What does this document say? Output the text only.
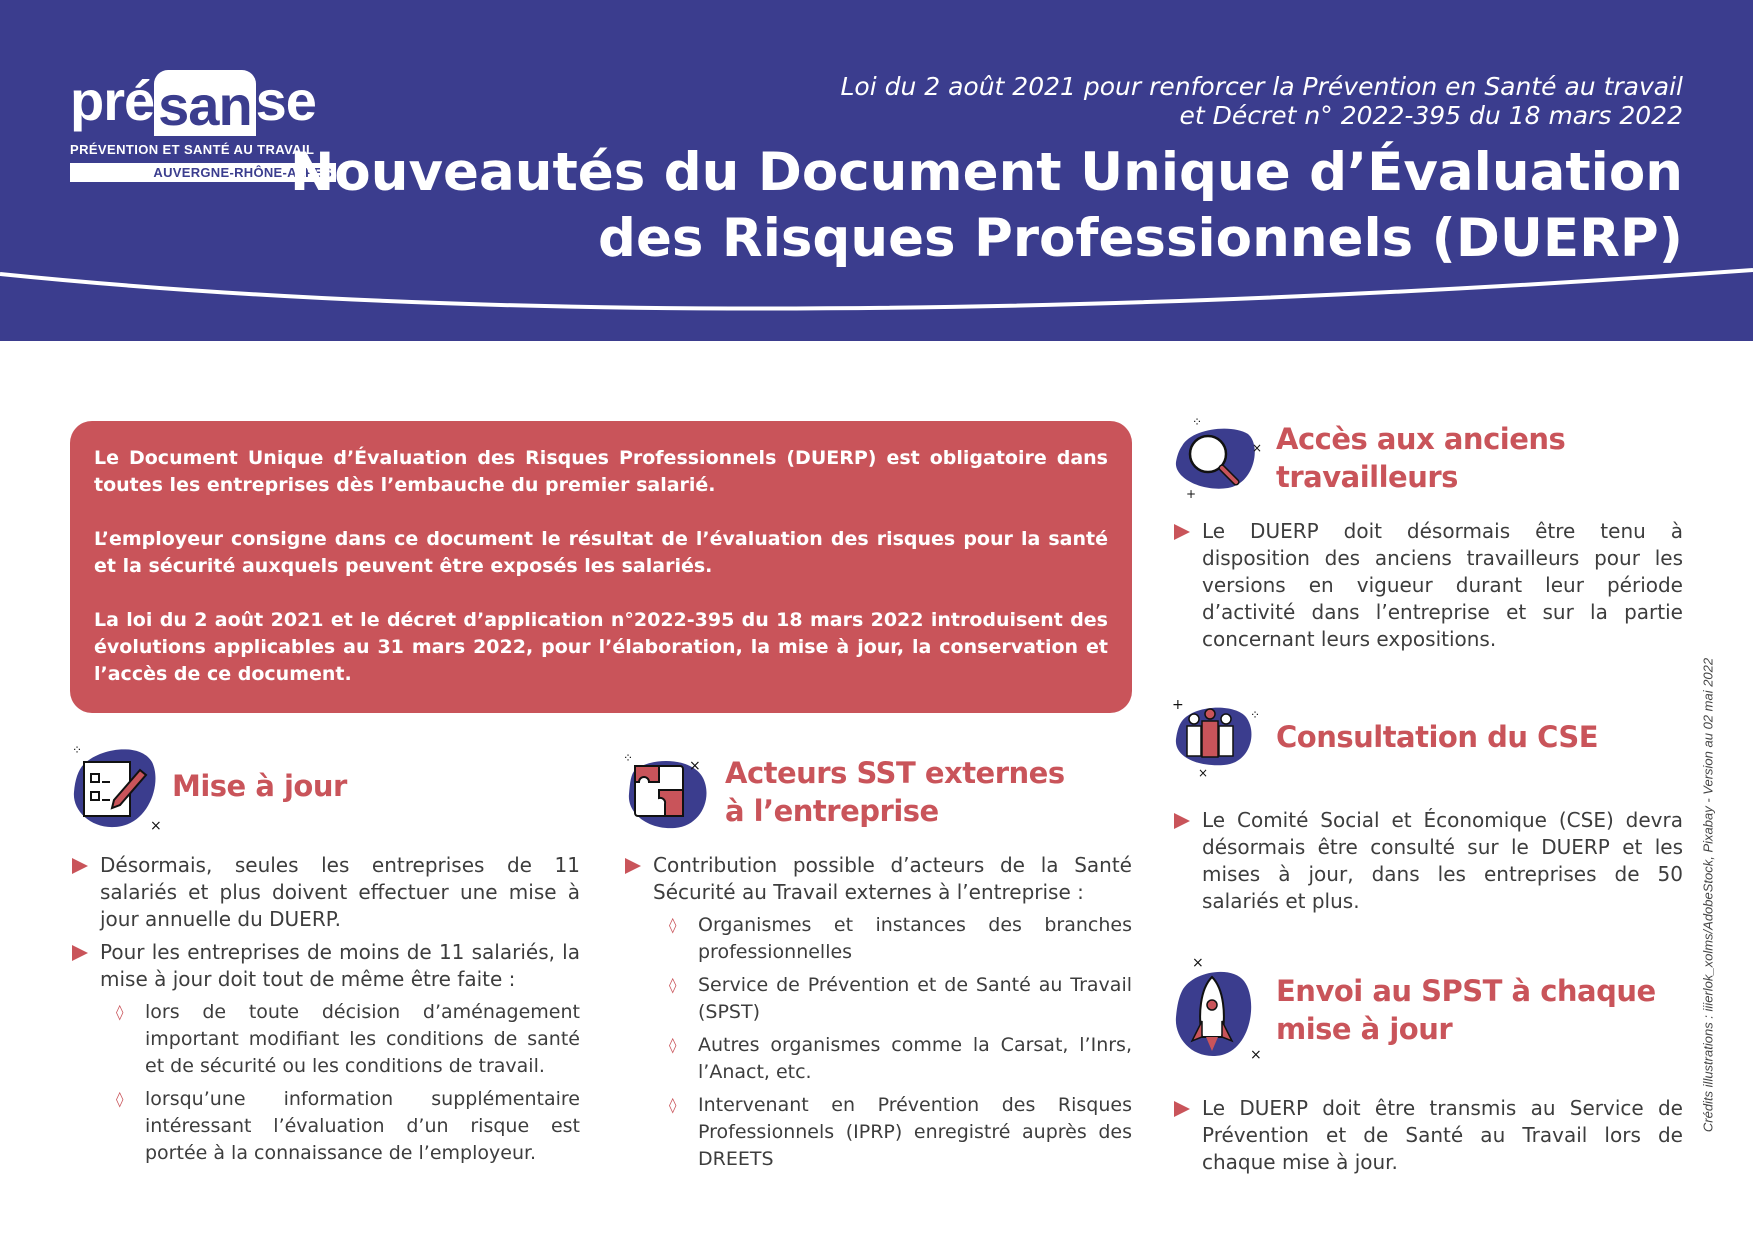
pré san se
PRÉVENTION ET SANTÉ AU TRAVAIL
AUVERGNE-RHÔNE-ALPES
Loi du 2 août 2021 pour renforcer la Prévention en Santé au travail
et Décret n° 2022-395 du 18 mars 2022
Nouveautés du Document Unique d’Évaluation
des Risques Professionnels (DUERP)

Le Document Unique d’Évaluation des Risques Professionnels (DUERP) est obligatoire dans toutes les entreprises dès l’embauche du premier salarié.

L’employeur consigne dans ce document le résultat de l’évaluation des risques pour la santé et la sécurité auxquels peuvent être exposés les salariés.

La loi du 2 août 2021 et le décret d’application n°2022-395 du 18 mars 2022 introduisent des évolutions applicables au 31 mars 2022, pour l’élaboration, la mise à jour, la conservation et l’accès de ce document.

⁘
×
Mise à jour
Désormais, seules les entreprises de 11 salariés et plus doivent effectuer une mise à jour annuelle du DUERP.
Pour les entreprises de moins de 11 salariés, la mise à jour doit tout de même être faite :
◊ lors de toute décision d’aménagement important modifiant les conditions de santé et de sécurité ou les conditions de travail.
◊ lorsqu’une information supplémentaire intéressant l’évaluation d’un risque est portée à la connaissance de l’employeur.
⁘	× Acteurs SST externes
à l’entreprise
Contribution possible d’acteurs de la Santé Sécurité au Travail externes à l’entreprise :
◊ Organismes et instances des branches professionnelles
◊ Service de Prévention et de Santé au Travail (SPST)
◊ Autres organismes comme la Carsat, l’Inrs, l’Anact, etc.
◊ Intervenant en Prévention des Risques Professionnels (IPRP) enregistré auprès des DREETS
⁘
×
+
Accès aux anciens
travailleurs
Le DUERP doit désormais être tenu à disposition des anciens travailleurs pour les versions en vigueur durant leur période d’activité dans l’entreprise et sur la partie concernant leurs expositions.
+
⁘
×
Consultation du CSE
Le Comité Social et Économique (CSE) devra désormais être consulté sur le DUERP et les mises à jour, dans les entreprises de 50 salariés et plus.
×
×
Envoi au SPST à chaque
mise à jour
Le DUERP doit être transmis au Service de Prévention et de Santé au Travail lors de chaque mise à jour.
Crédits illustrations : iiierlok_xolms/AdobeStock, Pixabay - Version au 02 mai 2022
